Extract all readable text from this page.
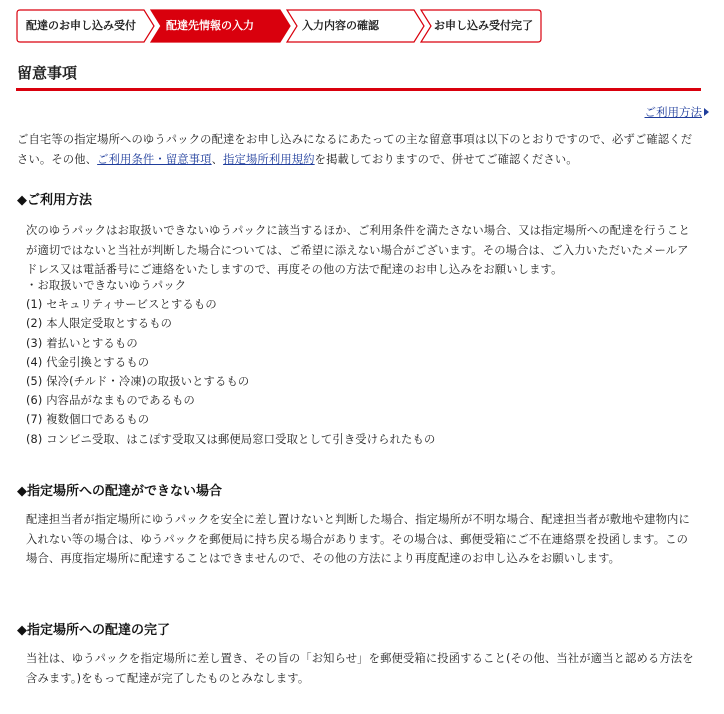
配達のお申し込み受付	配達先情報の入力	入力内容の確認	お申し込み受付完了
留意事項
ご利用方法

ご自宅等の指定場所へのゆうパックの配達をお申し込みになるにあたっての主な留意事項は以下のとおりですので、必ずご確認ください。その他、ご利用条件・留意事項、指定場所利用規約を掲載しておりますので、併せてご確認ください。

◆ご利用方法

次のゆうパックはお取扱いできないゆうパックに該当するほか、ご利用条件を満たさない場合、又は指定場所への配達を行うことが適切ではないと当社が判断した場合については、ご希望に添えない場合がございます。その場合は、ご入力いただいたメールアドレス又は電話番号にご連絡をいたしますので、再度その他の方法で配達のお申し込みをお願いします。

・お取扱いできないゆうパック
(1) セキュリティサービスとするもの
(2) 本人限定受取とするもの
(3) 着払いとするもの
(4) 代金引換とするもの
(5) 保冷(チルド・冷凍)の取扱いとするもの
(6) 内容品がなまものであるもの
(7) 複数個口であるもの
(8) コンビニ受取、はこぽす受取又は郵便局窓口受取として引き受けられたもの
◆指定場所への配達ができない場合

配達担当者が指定場所にゆうパックを安全に差し置けないと判断した場合、指定場所が不明な場合、配達担当者が敷地や建物内に入れない等の場合は、ゆうパックを郵便局に持ち戻る場合があります。その場合は、郵便受箱にご不在連絡票を投函します。この場合、再度指定場所に配達することはできませんので、その他の方法により再度配達のお申し込みをお願いします。

◆指定場所への配達の完了

当社は、ゆうパックを指定場所に差し置き、その旨の「お知らせ」を郵便受箱に投函すること(その他、当社が適当と認める方法を含みます。)をもって配達が完了したものとみなします。
